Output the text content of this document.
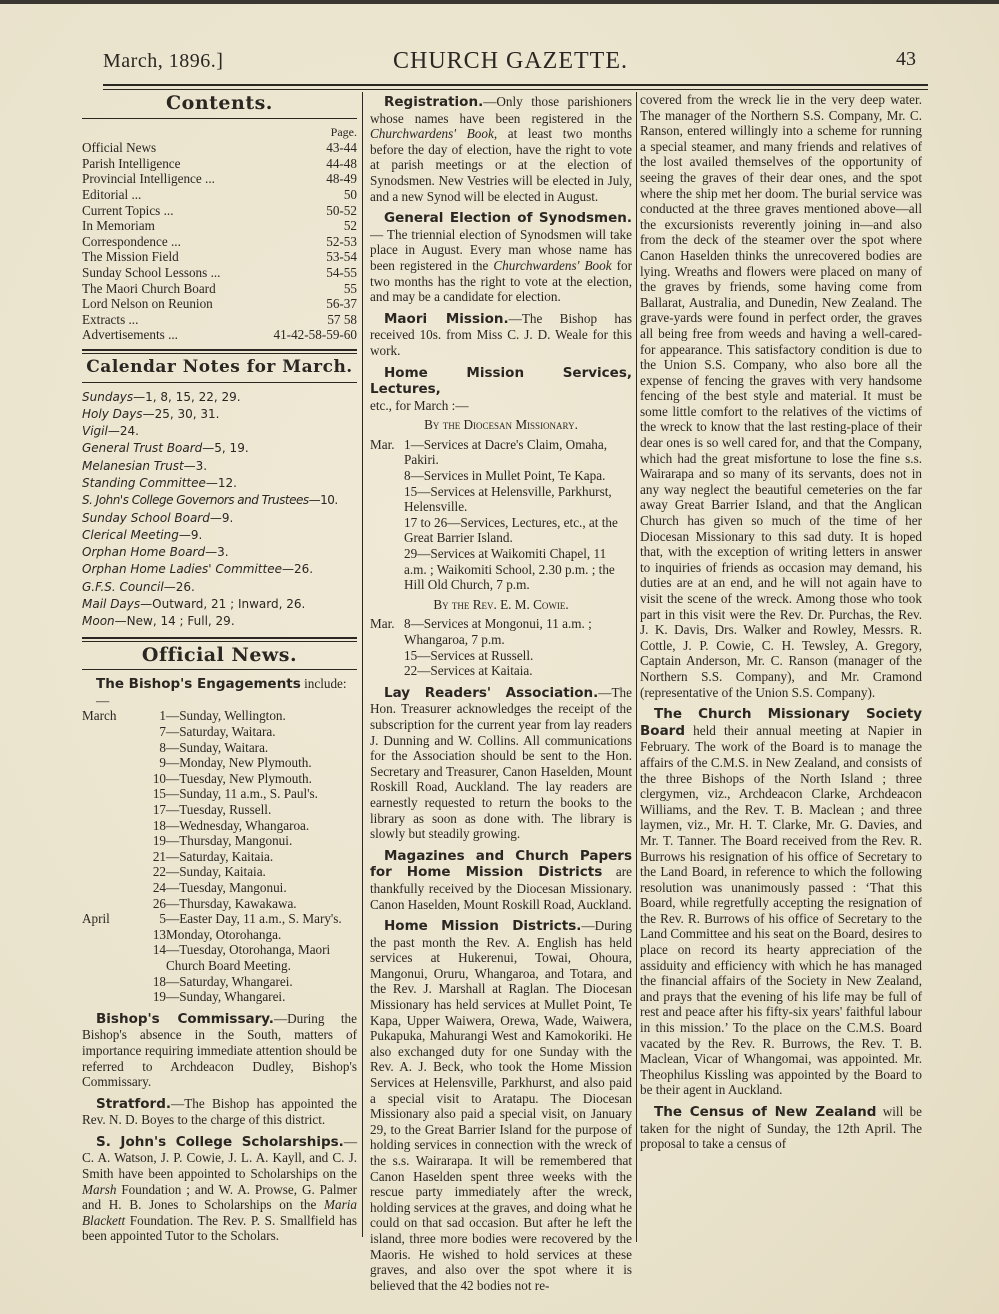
March, 1896.]	CHURCH GAZETTE.	43
Contents.
Page.
Official News	43-44
Parish Intelligence	44-48
Provincial Intelligence ...	48-49
Editorial ...	50
Current Topics ...	50-52
In Memoriam	52
Correspondence ...	52-53
The Mission Field	53-54
Sunday School Lessons ...	54-55
The Maori Church Board	55
Lord Nelson on Reunion	56-37
Extracts ...	57 58
Advertisements ...	41-42-58-59-60
Calendar Notes for March.

Sundays—1, 8, 15, 22, 29.

Holy Days—25, 30, 31.

Vigil—24.

General Trust Board—5, 19.

Melanesian Trust—3.

Standing Committee—12.

S. John's College Governors and Trustees—10.

Sunday School Board—9.

Clerical Meeting—9.

Orphan Home Board—3.

Orphan Home Ladies' Committee—26.

G.F.S. Council—26.

Mail Days—Outward, 21 ; Inward, 26.

Moon—New, 14 ; Full, 29.

Official News.
The Bishop's Engagements include:—
March	1 —Sunday, Wellington.
7 —Saturday, Waitara.
8 —Sunday, Waitara.
9 —Monday, New Plymouth.
10 —Tuesday, New Plymouth.
15 —Sunday, 11 a.m., S. Paul's.
17 —Tuesday, Russell.
18 —Wednesday, Whangaroa.
19 —Thursday, Mangonui.
21 —Saturday, Kaitaia.
22 —Sunday, Kaitaia.
24 —Tuesday, Mangonui.
26 —Thursday, Kawakawa.
April	5 —Easter Day, 11 a.m., S. Mary's.
13 Monday, Otorohanga.
14 —Tuesday, Otorohanga, Maori Church Board Meeting.
18 —Saturday, Whangarei.
19 —Sunday, Whangarei.

Bishop's Commissary.—During the Bishop's absence in the South, matters of importance requiring immediate attention should be referred to Archdeacon Dudley, Bishop's Commissary.

Stratford.—The Bishop has appointed the Rev. N. D. Boyes to the charge of this district.

S. John's College Scholarships.— C. A. Watson, J. P. Cowie, J. L. A. Kayll, and C. J. Smith have been appointed to Scholarships on the Marsh Foundation ; and W. A. Prowse, G. Palmer and H. B. Jones to Scholarships on the Maria Blackett Foundation. The Rev. P. S. Smallfield has been appointed Tutor to the Scholars.

Registration.—Only those parishioners whose names have been registered in the Churchwardens' Book, at least two months before the day of election, have the right to vote at parish meetings or at the election of Synodsmen. New Vestries will be elected in July, and a new Synod will be elected in August.

General Election of Synodsmen.— The triennial election of Synodsmen will take place in August. Every man whose name has been registered in the Churchwardens' Book for two months has the right to vote at the election, and may be a candidate for election.

Maori Mission.—The Bishop has received 10s. from Miss C. J. D. Weale for this work.

Home Mission Services, Lectures,
etc., for March :—

By the Diocesan Missionary.
Mar. 1—Services at Dacre's Claim, Omaha, Pakiri.
8—Services in Mullet Point, Te Kapa.
15—Services at Helensville, Parkhurst, Helensville.
17 to 26—Services, Lectures, etc., at the Great Barrier Island.
29—Services at Waikomiti Chapel, 11 a.m. ; Waikomiti School, 2.30 p.m. ; the Hill Old Church, 7 p.m.
By the Rev. E. M. Cowie.
Mar. 8—Services at Mongonui, 11 a.m. ; Whangaroa, 7 p.m.
15—Services at Russell.
22—Services at Kaitaia.

Lay Readers' Association.—The Hon. Treasurer acknowledges the receipt of the subscription for the current year from lay readers J. Dunning and W. Collins. All communications for the Association should be sent to the Hon. Secretary and Treasurer, Canon Haselden, Mount Roskill Road, Auckland. The lay readers are earnestly requested to return the books to the library as soon as done with. The library is slowly but steadily growing.

Magazines and Church Papers for Home Mission Districts are thankfully received by the Diocesan Missionary. Canon Haselden, Mount Roskill Road, Auckland.

Home Mission Districts.—During the past month the Rev. A. English has held services at Hukerenui, Towai, Ohoura, Mangonui, Oruru, Whangaroa, and Totara, and the Rev. J. Marshall at Raglan. The Diocesan Missionary has held services at Mullet Point, Te Kapa, Upper Waiwera, Orewa, Wade, Waiwera, Pukapuka, Mahurangi West and Kamokoriki. He also exchanged duty for one Sunday with the Rev. A. J. Beck, who took the Home Mission Services at Helensville, Parkhurst, and also paid a special visit to Aratapu. The Diocesan Missionary also paid a special visit, on January 29, to the Great Barrier Island for the purpose of holding services in connection with the wreck of the s.s. Wairarapa. It will be remembered that Canon Haselden spent three weeks with the rescue party immediately after the wreck, holding services at the graves, and doing what he could on that sad occasion. But after he left the island, three more bodies were recovered by the Maoris. He wished to hold services at these graves, and also over the spot where it is believed that the 42 bodies not re-

covered from the wreck lie in the very deep water. The manager of the Northern S.S. Company, Mr. C. Ranson, entered willingly into a scheme for running a special steamer, and many friends and relatives of the lost availed themselves of the opportunity of seeing the graves of their dear ones, and the spot where the ship met her doom. The burial service was conducted at the three graves mentioned above—all the excursionists reverently joining in—and also from the deck of the steamer over the spot where Canon Haselden thinks the unrecovered bodies are lying. Wreaths and flowers were placed on many of the graves by friends, some having come from Ballarat, Australia, and Dunedin, New Zealand. The grave-yards were found in perfect order, the graves all being free from weeds and having a well-cared-for appearance. This satisfactory condition is due to the Union S.S. Company, who also bore all the expense of fencing the graves with very handsome fencing of the best style and material. It must be some little comfort to the relatives of the victims of the wreck to know that the last resting-place of their dear ones is so well cared for, and that the Company, which had the great misfortune to lose the fine s.s. Wairarapa and so many of its servants, does not in any way neglect the beautiful cemeteries on the far away Great Barrier Island, and that the Anglican Church has given so much of the time of her Diocesan Missionary to this sad duty. It is hoped that, with the exception of writing letters in answer to inquiries of friends as occasion may demand, his duties are at an end, and he will not again have to visit the scene of the wreck. Among those who took part in this visit were the Rev. Dr. Purchas, the Rev. J. K. Davis, Drs. Walker and Rowley, Messrs. R. Cottle, J. P. Cowie, C. H. Tewsley, A. Gregory, Captain Anderson, Mr. C. Ranson (manager of the Northern S.S. Company), and Mr. Cramond (representative of the Union S.S. Company).

The Church Missionary Society Board held their annual meeting at Napier in February. The work of the Board is to manage the affairs of the C.M.S. in New Zealand, and consists of the three Bishops of the North Island ; three clergymen, viz., Archdeacon Clarke, Archdeacon Williams, and the Rev. T. B. Maclean ; and three laymen, viz., Mr. H. T. Clarke, Mr. G. Davies, and Mr. T. Tanner. The Board received from the Rev. R. Burrows his resignation of his office of Secretary to the Land Board, in reference to which the following resolution was unanimously passed : ‘That this Board, while regretfully accepting the resignation of the Rev. R. Burrows of his office of Secretary to the Land Committee and his seat on the Board, desires to place on record its hearty appreciation of the assiduity and efficiency with which he has managed the financial affairs of the Society in New Zealand, and prays that the evening of his life may be full of rest and peace after his fifty-six years' faithful labour in this mission.’ To the place on the C.M.S. Board vacated by the Rev. R. Burrows, the Rev. T. B. Maclean, Vicar of Whangomai, was appointed. Mr. Theophilus Kissling was appointed by the Board to be their agent in Auckland.

The Census of New Zealand will be taken for the night of Sunday, the 12th April. The proposal to take a census of
